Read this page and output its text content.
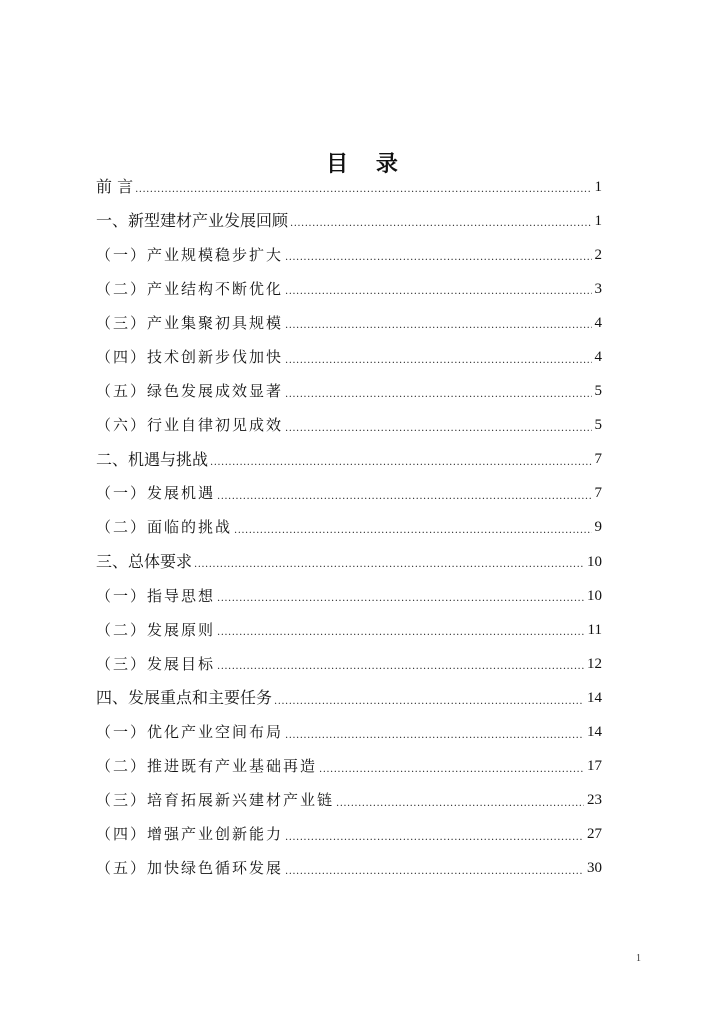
目 录
前 言 .....	1
一、新型建材产业发展回顾 .....	1
（一）产业规模稳步扩大 .....	2
（二）产业结构不断优化 .....	3
（三）产业集聚初具规模 .....	4
（四）技术创新步伐加快 .....	4
（五）绿色发展成效显著 .....	5
（六）行业自律初见成效 .....	5
二、机遇与挑战 .....	7
（一）发展机遇 .....	7
（二）面临的挑战 .....	9
三、总体要求 .....	10
（一）指导思想 .....	10
（二）发展原则 .....	11
（三）发展目标 .....	12
四、发展重点和主要任务 .....	14
（一）优化产业空间布局 .....	14
（二）推进既有产业基础再造 .....	17
（三）培育拓展新兴建材产业链 .....	23
（四）增强产业创新能力 .....	27
（五）加快绿色循环发展 .....	30
1
